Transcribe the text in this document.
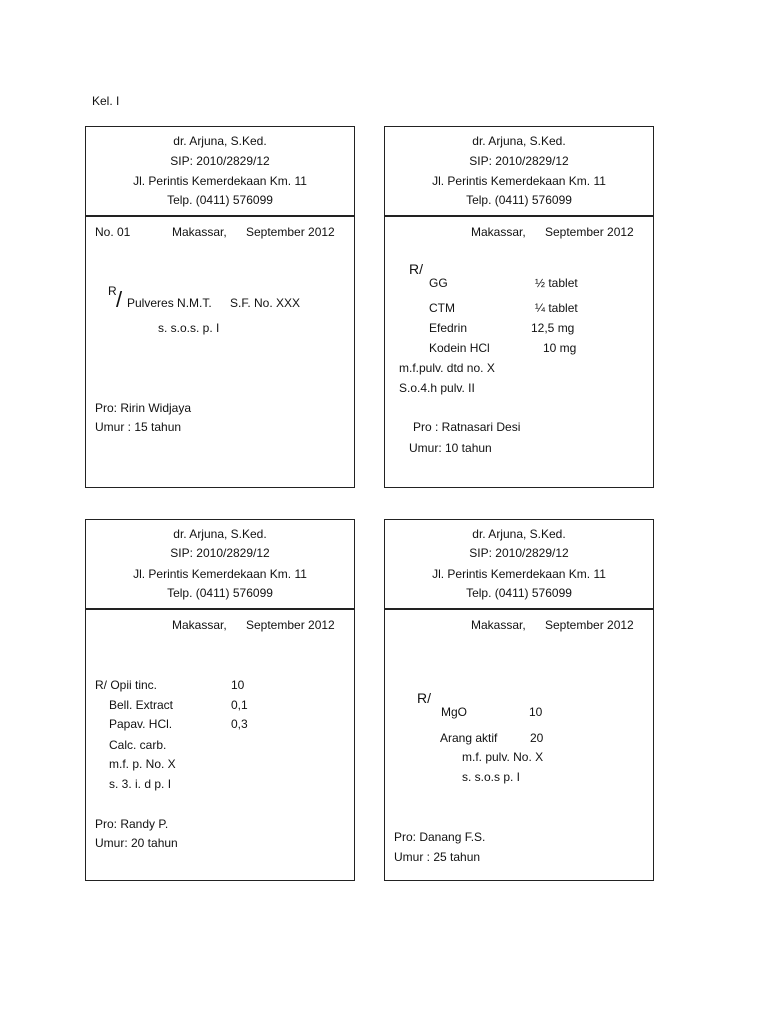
Kel. I
dr. Arjuna, S.Ked.
SIP: 2010/2829/12
Jl. Perintis Kemerdekaan Km. 11
Telp. (0411) 576099
No. 01	Makassar, September 2012
R / Pulveres N.M.T. S.F. No. XXX
s. s.o.s. p. I
Pro: Ririn Widjaya
Umur : 15 tahun
dr. Arjuna, S.Ked.
SIP: 2010/2829/12
Jl. Perintis Kemerdekaan Km. 11
Telp. (0411) 576099
Makassar, September 2012
R/
GG	½ tablet
CTM	¼ tablet
Efedrin	12,5 mg
Kodein HCl	10 mg
m.f.pulv. dtd no. X
S.o.4.h pulv. II
Pro : Ratnasari Desi
Umur: 10 tahun
dr. Arjuna, S.Ked.
SIP: 2010/2829/12
Jl. Perintis Kemerdekaan Km. 11
Telp. (0411) 576099
Makassar, September 2012
R/ Opii tinc.	10
Bell. Extract	0,1
Papav. HCl.	0,3
Calc. carb.
m.f. p. No. X
s. 3. i. d p. I
Pro: Randy P.
Umur: 20 tahun
dr. Arjuna, S.Ked.
SIP: 2010/2829/12
Jl. Perintis Kemerdekaan Km. 11
Telp. (0411) 576099
Makassar, September 2012
R/
MgO	10
Arang aktif	20
m.f. pulv. No. X
s. s.o.s p. I
Pro: Danang F.S.
Umur : 25 tahun
